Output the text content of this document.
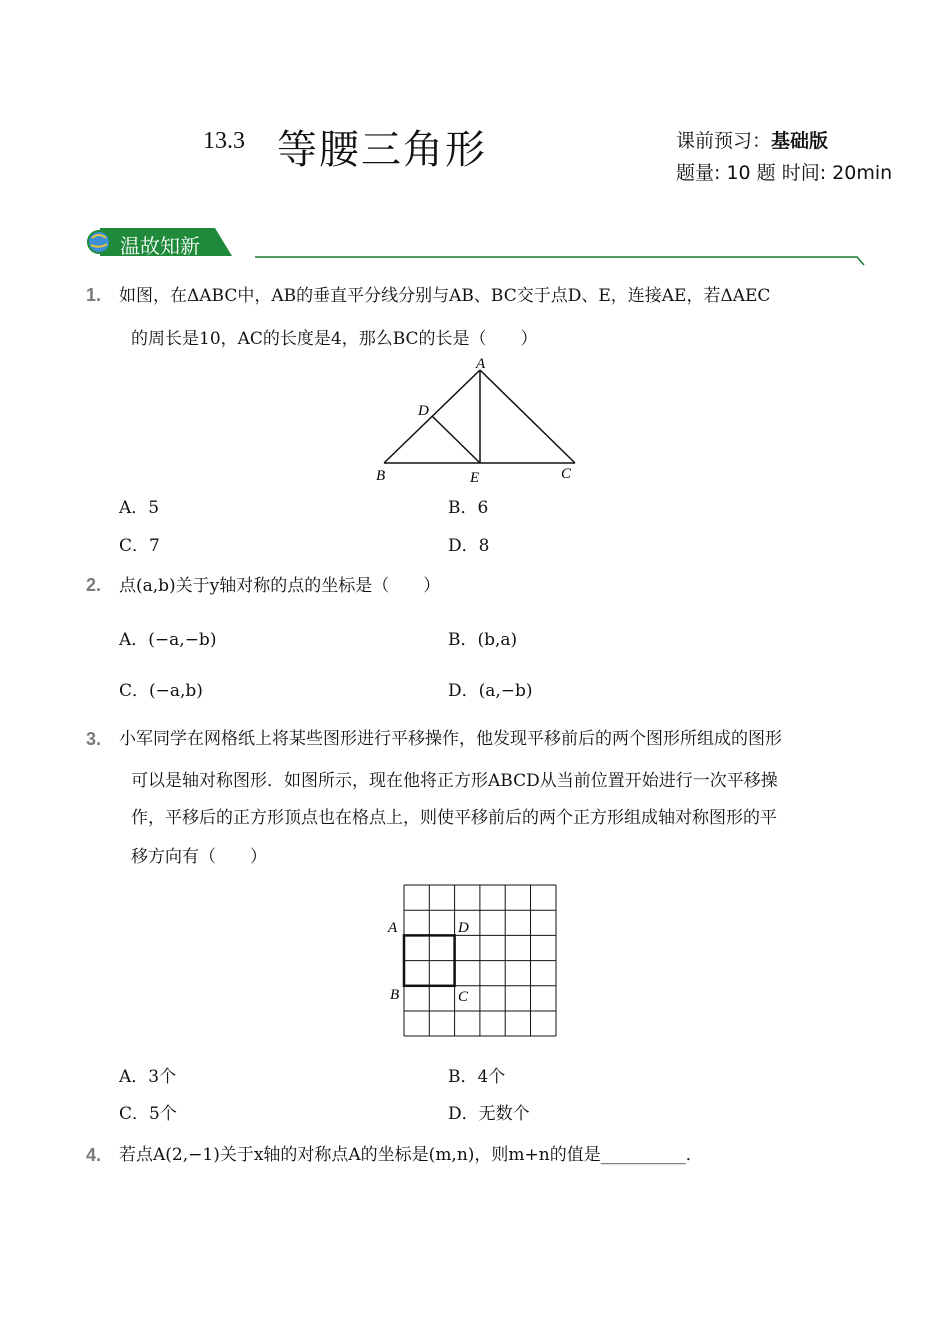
13.3 等腰三角形	课前预习：基础版
题量: 10 题 时间: 20min
温故知新
1. 如图，在ΔABC中，AB的垂直平分线分别与AB、BC交于点D、E，连接AE，若ΔAEC
的周长是10，AC的长度是4，那么BC的长是（　　）
A
D
B	E	C
A．5	B．6
C．7	D．8
2. 点(a,b)关于y轴对称的点的坐标是（　　）
A．(−a,−b)	B．(b,a)
C．(−a,b)	D．(a,−b)
3. 小军同学在网格纸上将某些图形进行平移操作，他发现平移前后的两个图形所组成的图形
可以是轴对称图形．如图所示，现在他将正方形ABCD从当前位置开始进行一次平移操
作，平移后的正方形顶点也在格点上，则使平移前后的两个正方形组成轴对称图形的平
移方向有（　　）
A	D
B	C
A．3个	B．4个
C．5个	D．无数个
4. 若点A(2,−1)关于x轴的对称点A的坐标是(m,n)，则m+n的值是__________．
